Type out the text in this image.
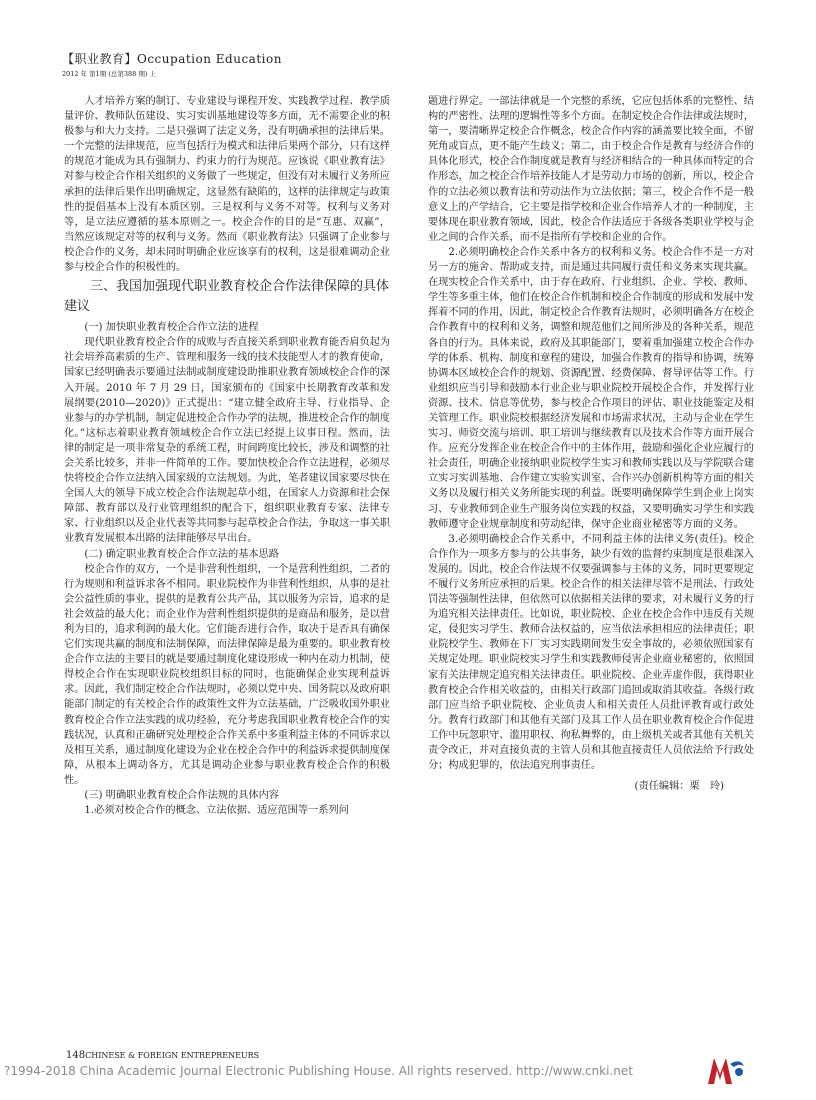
【职业教育】Occupation Education
2012 年 第1期 (总第388 期) 上

人才培养方案的制订、专业建设与课程开发、实践教学过程、教学质量评价、教师队伍建设、实习实训基地建设等多方面，无不需要企业的积极参与和大力支持。二是只强调了法定义务，没有明确承担的法律后果。一个完整的法律规范，应当包括行为模式和法律后果两个部分，只有这样的规范才能成为具有强制力、约束力的行为规范。应该说《职业教育法》对参与校企合作相关组织的义务做了一些规定，但没有对未履行义务所应承担的法律后果作出明确规定，这显然有缺陷的，这样的法律规定与政策性的提倡基本上没有本质区别。三是权利与义务不对等。权利与义务对等，是立法应遵循的基本原则之一。校企合作的目的是“互惠、双赢”，当然应该规定对等的权利与义务。然而《职业教育法》只强调了企业参与校企合作的义务，却未同时明确企业应该享有的权利，这是很难调动企业参与校企合作的积极性的。

三、我国加强现代职业教育校企合作法律保障的具体建议

(一) 加快职业教育校企合作立法的进程

现代职业教育校企合作的成败与否直接关系到职业教育能否肩负起为社会培养高素质的生产、管理和服务一线的技术技能型人才的教育使命，国家已经明确表示要通过法制或制度建设助推职业教育领域校企合作的深入开展。2010 年 7 月 29 日，国家颁布的《国家中长期教育改革和发展纲要(2010—2020)》正式提出：“建立健全政府主导、行业指导、企业参与的办学机制，制定促进校企合作办学的法规，推进校企合作的制度化。”这标志着职业教育领域校企合作立法已经提上议事日程。然而，法律的制定是一项非常复杂的系统工程，时间跨度比较长，涉及和调整的社会关系比较多，并非一件简单的工作。要加快校企合作立法进程，必须尽快将校企合作立法纳入国家级的立法规划。为此，笔者建议国家要尽快在全国人大的领导下成立校企合作法规起草小组，在国家人力资源和社会保障部、教育部以及行业管理组织的配合下，组织职业教育专家、法律专家、行业组织以及企业代表等共同参与起草校企合作法，争取这一事关职业教育发展根本出路的法律能够尽早出台。

(二) 确定职业教育校企合作立法的基本思路

校企合作的双方，一个是非营利性组织，一个是营利性组织，二者的行为规则和利益诉求各不相同。职业院校作为非营利性组织，从事的是社会公益性质的事业，提供的是教育公共产品，其以服务为宗旨，追求的是社会效益的最大化；而企业作为营利性组织提供的是商品和服务，是以营利为目的，追求利润的最大化。它们能否进行合作，取决于是否具有确保它们实现共赢的制度和法制保障，而法律保障是最为重要的。职业教育校企合作立法的主要目的就是要通过制度化建设形成一种内在动力机制，使得校企合作在实现职业院校组织目标的同时，也能确保企业实现利益诉求。因此，我们制定校企合作法规时，必须以党中央、国务院以及政府职能部门制定的有关校企合作的政策性文件为立法基础，广泛吸收国外职业教育校企合作立法实践的成功经验，充分考虑我国职业教育校企合作的实践状况，认真和正确研究处理校企合作关系中多重利益主体的不同诉求以及相互关系，通过制度化建设为企业在校企合作中的利益诉求提供制度保障，从根本上调动各方，尤其是调动企业参与职业教育校企合作的积极性。

(三) 明确职业教育校企合作法规的具体内容

1.必须对校企合作的概念、立法依据、适应范围等一系列问

题进行界定。一部法律就是一个完整的系统，它应包括体系的完整性、结构的严密性、法理的逻辑性等多个方面。在制定校企合作法律或法规时，第一，要清晰界定校企合作概念，校企合作内容的涵盖要比较全面，不留死角或盲点，更不能产生歧义；第二，由于校企合作是教育与经济合作的具体化形式，校企合作制度就是教育与经济相结合的一种具体而特定的合作形态，加之校企合作培养技能人才是劳动力市场的创新，所以，校企合作的立法必须以教育法和劳动法作为立法依据；第三，校企合作不是一般意义上的产学结合，它主要是指学校和企业合作培养人才的一种制度，主要体现在职业教育领域，因此，校企合作法适应于各级各类职业学校与企业之间的合作关系，而不是指所有学校和企业的合作。

2.必须明确校企合作关系中各方的权利和义务。校企合作不是一方对另一方的施舍、帮助或支持，而是通过共同履行责任和义务来实现共赢。在现实校企合作关系中，由于存在政府、行业组织、企业、学校、教师、学生等多重主体，他们在校企合作机制和校企合作制度的形成和发展中发挥着不同的作用，因此，制定校企合作教育法规时，必须明确各方在校企合作教育中的权利和义务，调整和规范他们之间所涉及的各种关系，规范各自的行为。具体来说，政府及其职能部门，要着重加强建立校企合作办学的体系、机构、制度和章程的建设，加强合作教育的指导和协调，统筹协调本区域校企合作的规划、资源配置、经费保障、督导评估等工作。行业组织应当引导和鼓励本行业企业与职业院校开展校企合作，并发挥行业资源、技术、信息等优势，参与校企合作项目的评估、职业技能鉴定及相关管理工作。职业院校根据经济发展和市场需求状况，主动与企业在学生实习、师资交流与培训、职工培训与继续教育以及技术合作等方面开展合作。应充分发挥企业在校企合作中的主体作用，鼓励和强化企业应履行的社会责任，明确企业接纳职业院校学生实习和教师实践以及与学院联合建立实习实训基地、合作建立实验实训室、合作兴办创新机构等方面的相关义务以及履行相关义务所能实现的利益。既要明确保障学生到企业上岗实习、专业教师到企业生产服务岗位实践的权益，又要明确实习学生和实践教师遵守企业规章制度和劳动纪律，保守企业商业秘密等方面的义务。

3.必须明确校企合作关系中，不同利益主体的法律义务(责任)。校企合作作为一项多方参与的公共事务，缺少有效的监督约束制度是很难深入发展的。因此，校企合作法规不仅要强调参与主体的义务，同时更要规定不履行义务所应承担的后果。校企合作的相关法律尽管不是刑法、行政处罚法等强制性法律，但依然可以依据相关法律的要求，对未履行义务的行为追究相关法律责任。比如说，职业院校、企业在校企合作中违反有关规定，侵犯实习学生、教师合法权益的，应当依法承担相应的法律责任；职业院校学生、教师在下厂实习实践期间发生安全事故的，必须依照国家有关规定处理。职业院校实习学生和实践教师侵害企业商业秘密的，依照国家有关法律规定追究相关法律责任。职业院校、企业弄虚作假，获得职业教育校企合作相关收益的，由相关行政部门追回或取消其收益。各级行政部门应当给予职业院校、企业负责人和相关责任人员批评教育或行政处分。教育行政部门和其他有关部门及其工作人员在职业教育校企合作促进工作中玩忽职守、滥用职权、徇私舞弊的，由上级机关或者其他有关机关责令改正，并对直接负责的主管人员和其他直接责任人员依法给予行政处分；构成犯罪的，依法追究刑事责任。

(责任编辑：栗　玲)
148CHINESE & FOREIGN ENTREPRENEURS
?1994-2018 China Academic Journal Electronic Publishing House. All rights reserved. http://www.cnki.net
